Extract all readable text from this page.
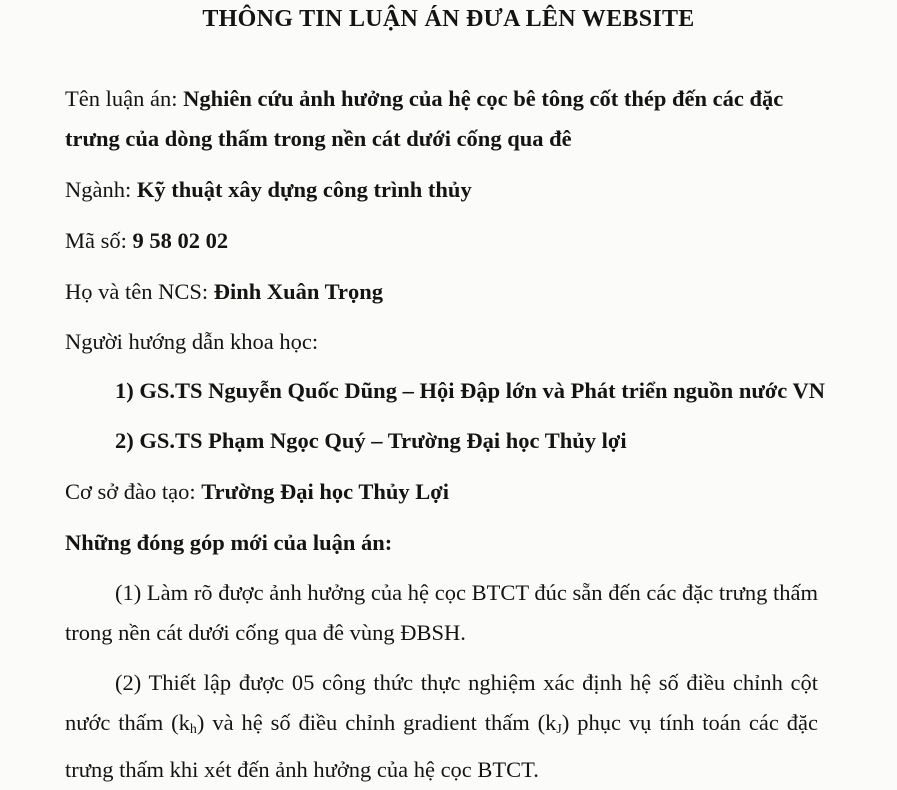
THÔNG TIN LUẬN ÁN ĐƯA LÊN WEBSITE
Tên luận án: Nghiên cứu ảnh hưởng của hệ cọc bê tông cốt thép đến các đặc
trưng của dòng thấm trong nền cát dưới cống qua đê
Ngành: Kỹ thuật xây dựng công trình thủy
Mã số: 9 58 02 02
Họ và tên NCS: Đinh Xuân Trọng
Người hướng dẫn khoa học:
1) GS.TS Nguyễn Quốc Dũng – Hội Đập lớn và Phát triển nguồn nước VN
2) GS.TS Phạm Ngọc Quý – Trường Đại học Thủy lợi
Cơ sở đào tạo: Trường Đại học Thủy Lợi
Những đóng góp mới của luận án:
(1) Làm rõ được ảnh hưởng của hệ cọc BTCT đúc sẵn đến các đặc trưng thấm trong nền cát dưới cống qua đê vùng ĐBSH.
(2) Thiết lập được 05 công thức thực nghiệm xác định hệ số điều chỉnh cột nước thấm $(k_h)$ và hệ số điều chỉnh gradient thấm $(k_J)$ phục vụ tính toán các đặc trưng thấm khi xét đến ảnh hưởng của hệ cọc BTCT.
